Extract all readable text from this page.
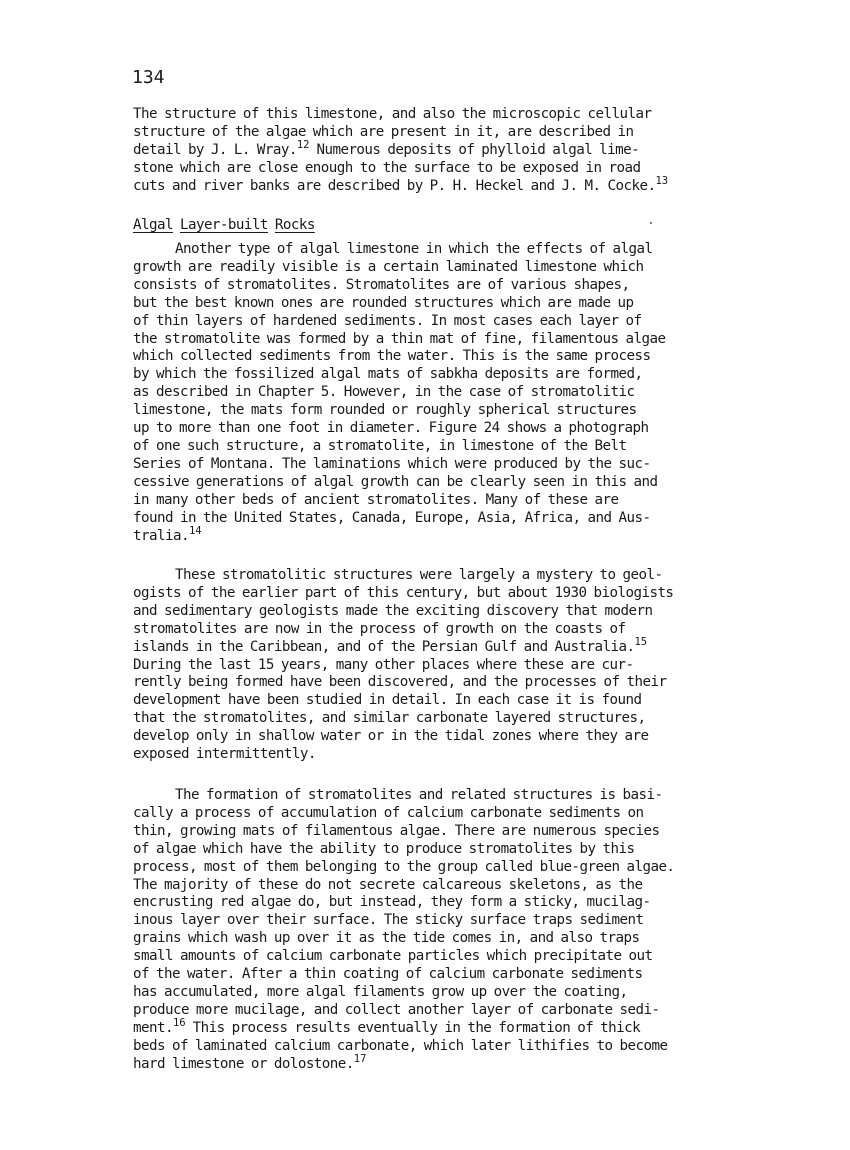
134
The structure of this limestone, and also the microscopic cellular
structure of the algae which are present in it, are described in
detail by J. L. Wray.$^{12}$ Numerous deposits of phylloid algal lime-
stone which are close enough to the surface to be exposed in road
cuts and river banks are described by P. H. Heckel and J. M. Cocke.$^{13}$
Algal Layer-built Rocks
Another type of algal limestone in which the effects of algal
growth are readily visible is a certain laminated limestone which
consists of stromatolites. Stromatolites are of various shapes,
but the best known ones are rounded structures which are made up
of thin layers of hardened sediments. In most cases each layer of
the stromatolite was formed by a thin mat of fine, filamentous algae
which collected sediments from the water. This is the same process
by which the fossilized algal mats of sabkha deposits are formed,
as described in Chapter 5. However, in the case of stromatolitic
limestone, the mats form rounded or roughly spherical structures
up to more than one foot in diameter. Figure 24 shows a photograph
of one such structure, a stromatolite, in limestone of the Belt
Series of Montana. The laminations which were produced by the suc-
cessive generations of algal growth can be clearly seen in this and
in many other beds of ancient stromatolites. Many of these are
found in the United States, Canada, Europe, Asia, Africa, and Aus-
tralia.$^{14}$
These stromatolitic structures were largely a mystery to geol-
ogists of the earlier part of this century, but about 1930 biologists
and sedimentary geologists made the exciting discovery that modern
stromatolites are now in the process of growth on the coasts of
islands in the Caribbean, and of the Persian Gulf and Australia.$^{15}$
During the last 15 years, many other places where these are cur-
rently being formed have been discovered, and the processes of their
development have been studied in detail. In each case it is found
that the stromatolites, and similar carbonate layered structures,
develop only in shallow water or in the tidal zones where they are
exposed intermittently.
The formation of stromatolites and related structures is basi-
cally a process of accumulation of calcium carbonate sediments on
thin, growing mats of filamentous algae. There are numerous species
of algae which have the ability to produce stromatolites by this
process, most of them belonging to the group called blue-green algae.
The majority of these do not secrete calcareous skeletons, as the
encrusting red algae do, but instead, they form a sticky, mucilag-
inous layer over their surface. The sticky surface traps sediment
grains which wash up over it as the tide comes in, and also traps
small amounts of calcium carbonate particles which precipitate out
of the water. After a thin coating of calcium carbonate sediments
has accumulated, more algal filaments grow up over the coating,
produce more mucilage, and collect another layer of carbonate sedi-
ment.$^{16}$ This process results eventually in the formation of thick
beds of laminated calcium carbonate, which later lithifies to become
hard limestone or dolostone.$^{17}$
